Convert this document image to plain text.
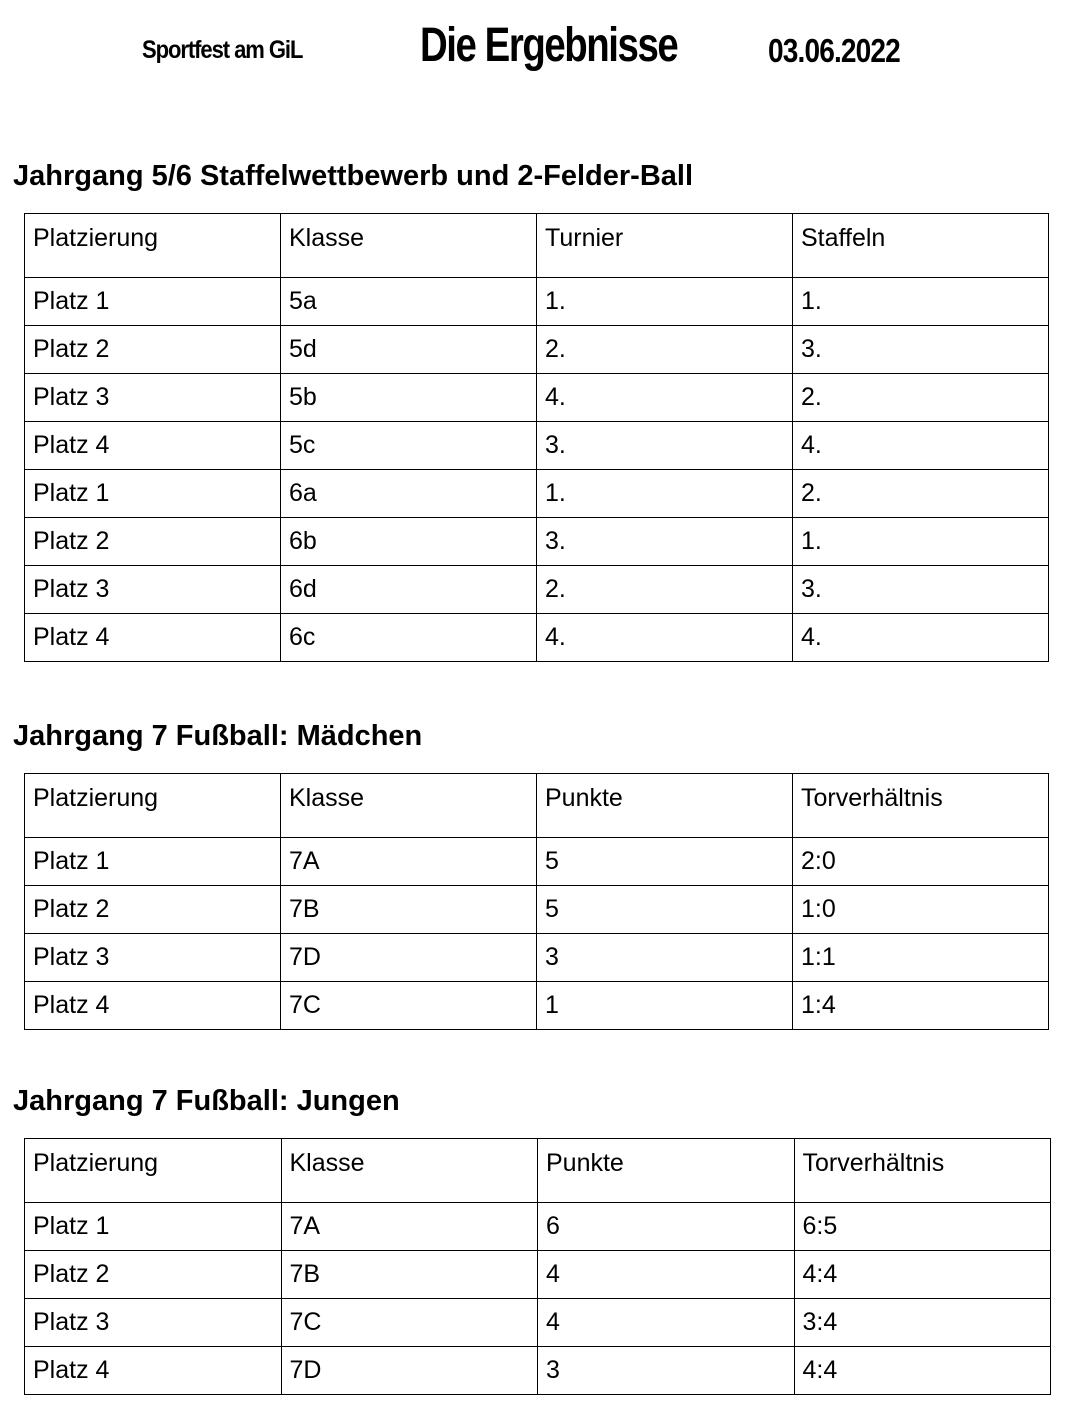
Sportfest am GiL Die Ergebnisse	03.06.2022
Jahrgang 5/6 Staffelwettbewerb und 2-Felder-Ball
Platzierung	Klasse	Turnier	Staffeln
Platz 1	5a	1.	1.
Platz 2	5d	2.	3.
Platz 3	5b	4.	2.
Platz 4	5c	3.	4.
Platz 1	6a	1.	2.
Platz 2	6b	3.	1.
Platz 3	6d	2.	3.
Platz 4	6c	4.	4.
Jahrgang 7 Fußball: Mädchen
Platzierung	Klasse	Punkte	Torverhältnis
Platz 1	7A	5	2:0
Platz 2	7B	5	1:0
Platz 3	7D	3	1:1
Platz 4	7C	1	1:4
Jahrgang 7 Fußball: Jungen
Platzierung	Klasse	Punkte	Torverhältnis
Platz 1	7A	6	6:5
Platz 2	7B	4	4:4
Platz 3	7C	4	3:4
Platz 4	7D	3	4:4
